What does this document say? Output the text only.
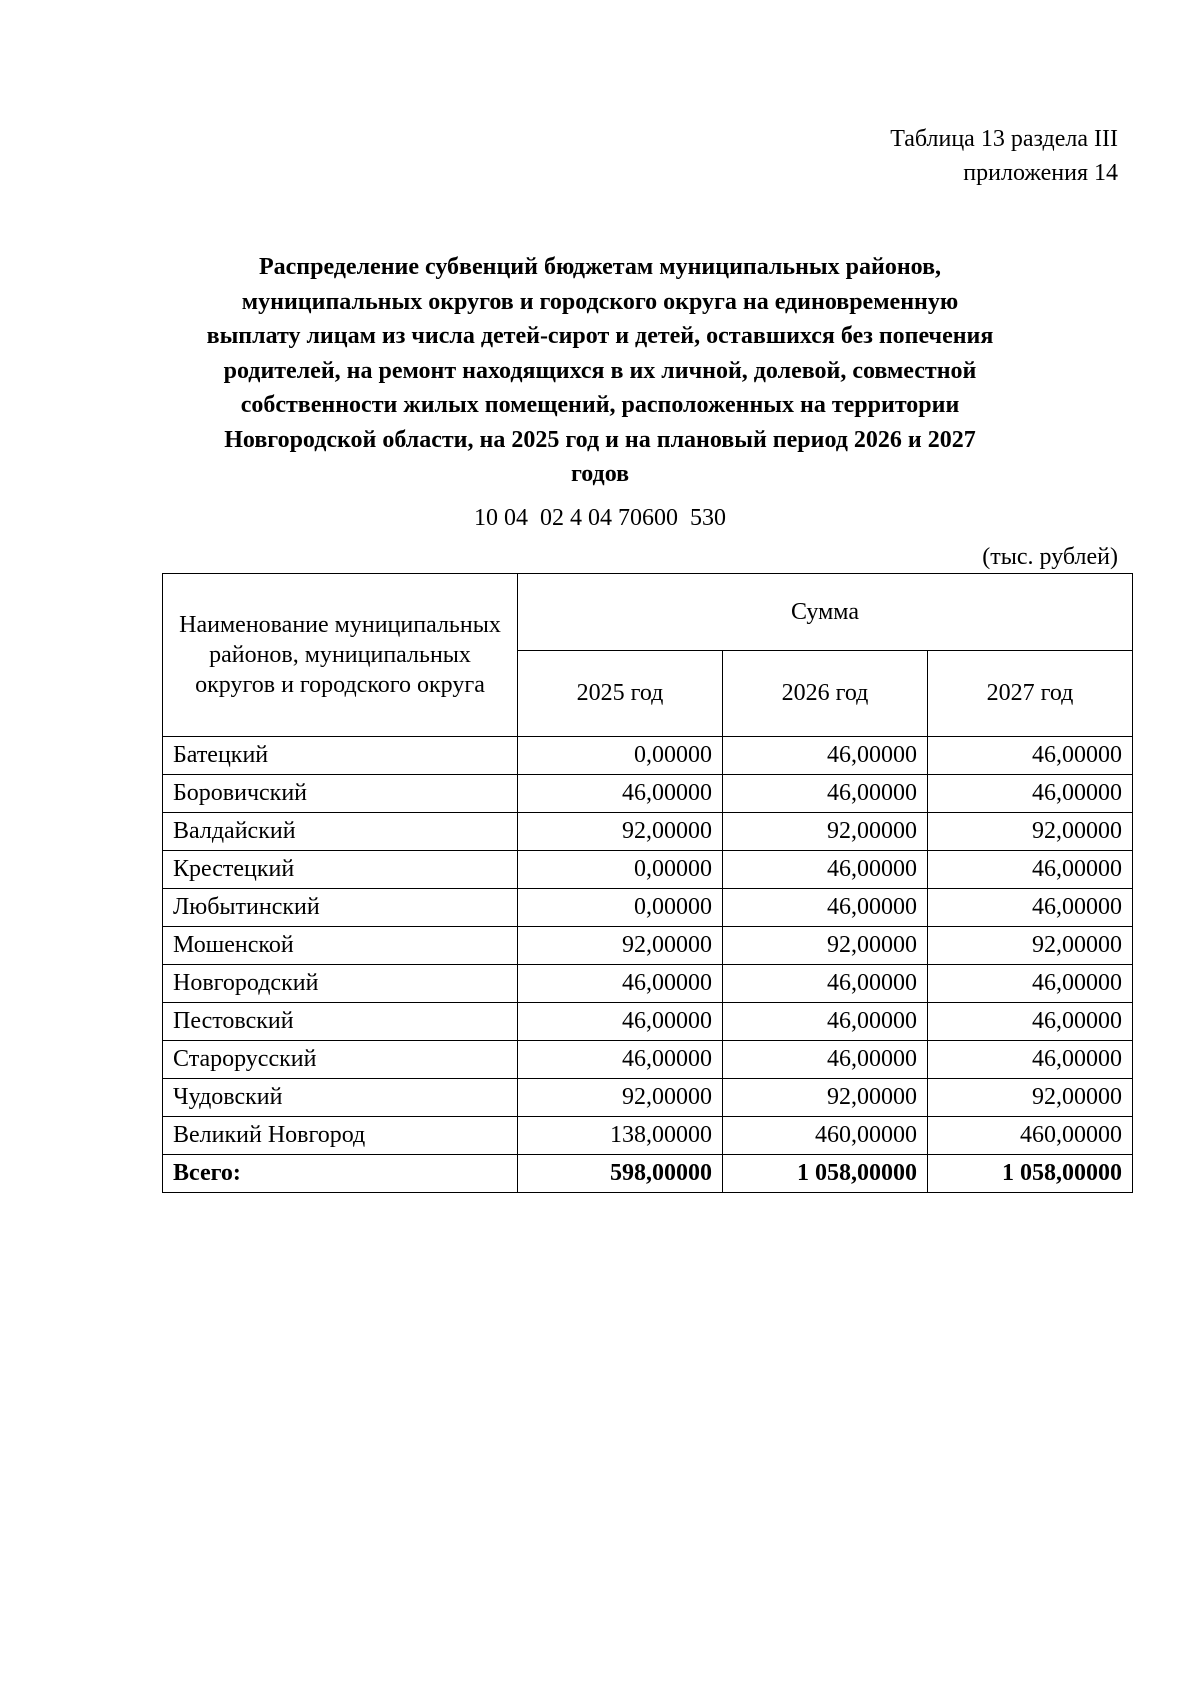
Таблица 13 раздела III
приложения 14
Распределение субвенций бюджетам муниципальных районов,
муниципальных округов и городского округа на единовременную
выплату лицам из числа детей-сирот и детей, оставшихся без попечения
родителей, на ремонт находящихся в их личной, долевой, совместной
собственности жилых помещений, расположенных на территории
Новгородской области, на 2025 год и на плановый период 2026 и 2027
годов
10 04  02 4 04 70600  530
(тыс. рублей)
Наименование муниципальных районов, муниципальных округов и городского округа	Сумма		
	2025 год	2026 год	2027 год
Батецкий	0,00000	46,00000	46,00000
Боровичский	46,00000	46,00000	46,00000
Валдайский	92,00000	92,00000	92,00000
Крестецкий	0,00000	46,00000	46,00000
Любытинский	0,00000	46,00000	46,00000
Мошенской	92,00000	92,00000	92,00000
Новгородский	46,00000	46,00000	46,00000
Пестовский	46,00000	46,00000	46,00000
Старорусский	46,00000	46,00000	46,00000
Чудовский	92,00000	92,00000	92,00000
Великий Новгород	138,00000	460,00000	460,00000
Всего:	598,00000	1 058,00000	1 058,00000
